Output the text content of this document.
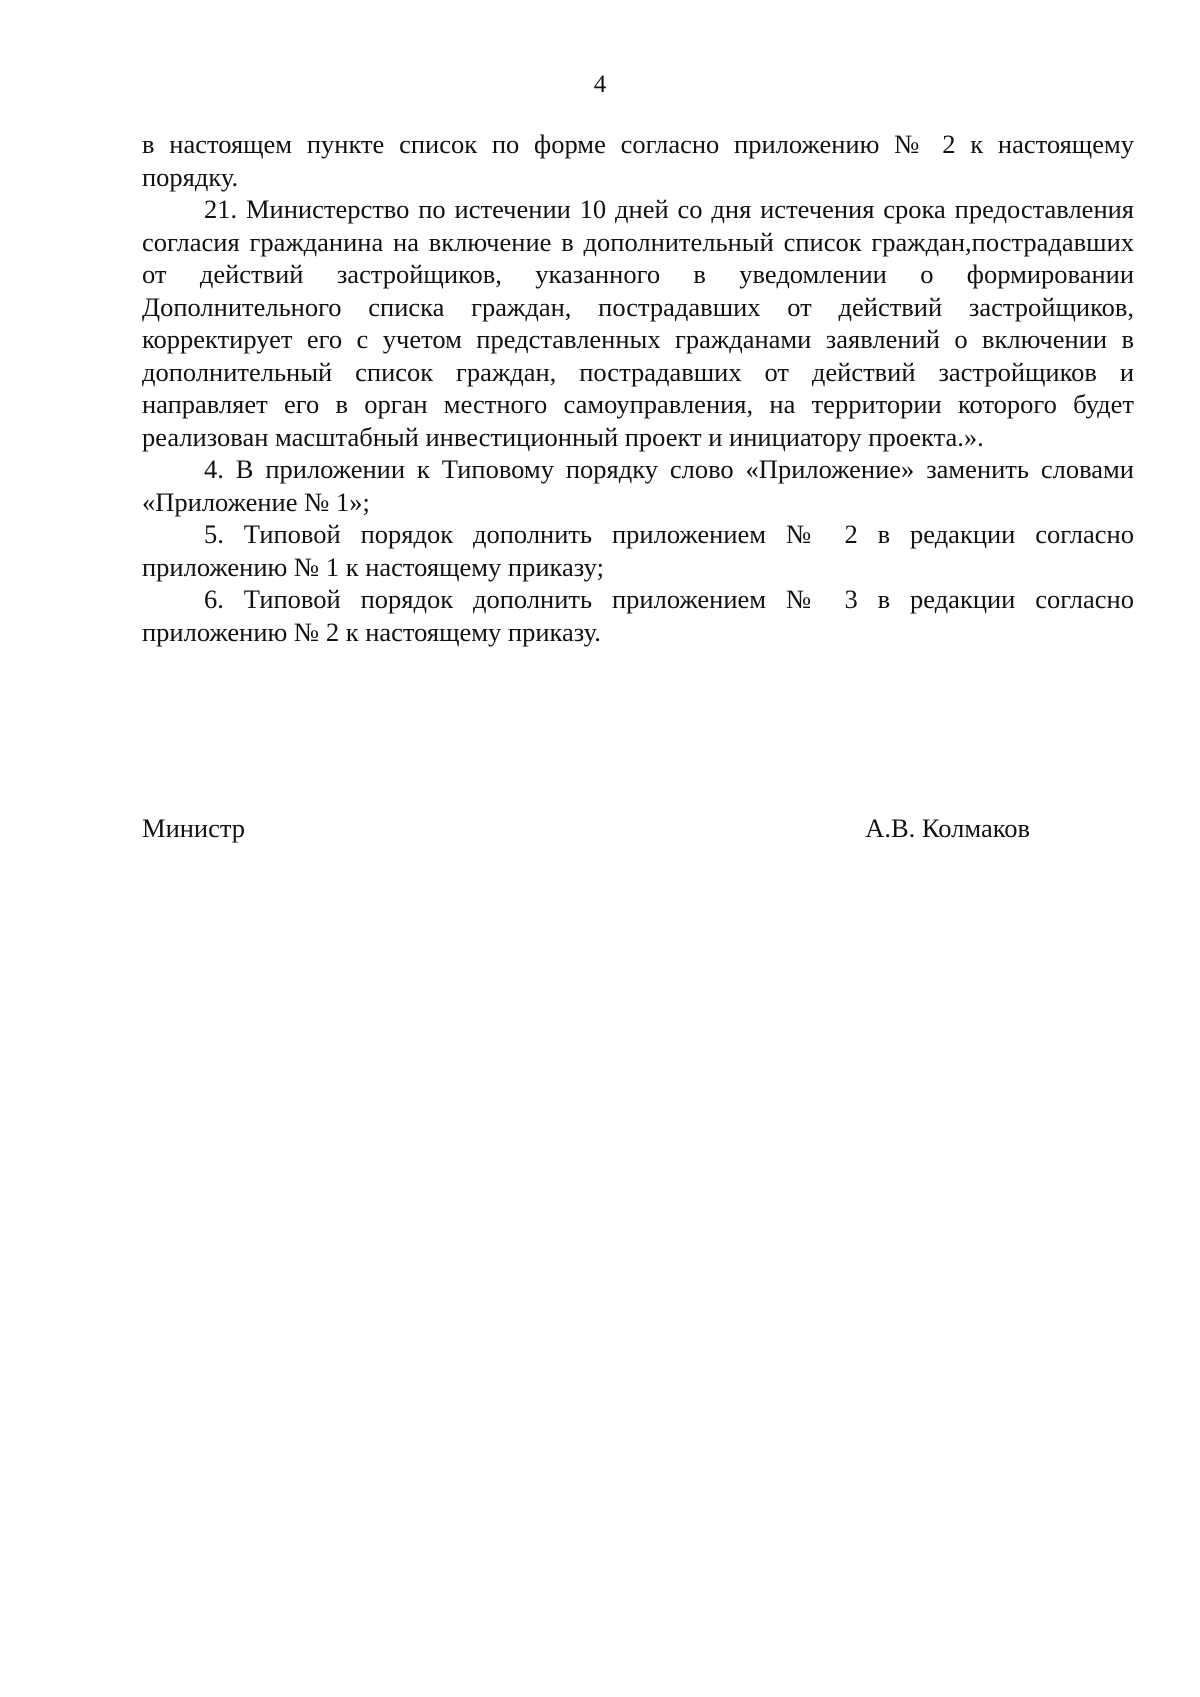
4

в настоящем пункте список по форме согласно приложению № 2 к настоящему порядку.

21. Министерство по истечении 10 дней со дня истечения срока предоставления согласия гражданина на включение в дополнительный список граждан,пострадавших от действий застройщиков, указанного в уведомлении о формировании Дополнительного списка граждан, пострадавших от действий застройщиков, корректирует его с учетом представленных гражданами заявлений о включении в дополнительный список граждан, пострадавших от действий застройщиков и направляет его в орган местного самоуправления, на территории которого будет реализован масштабный инвестиционный проект и инициатору проекта.».

4. В приложении к Типовому порядку слово «Приложение» заменить словами «Приложение № 1»;

5. Типовой порядок дополнить приложением № 2 в редакции согласно приложению № 1 к настоящему приказу;

6. Типовой порядок дополнить приложением № 3 в редакции согласно приложению № 2 к настоящему приказу.

Министр	А.В. Колмаков
